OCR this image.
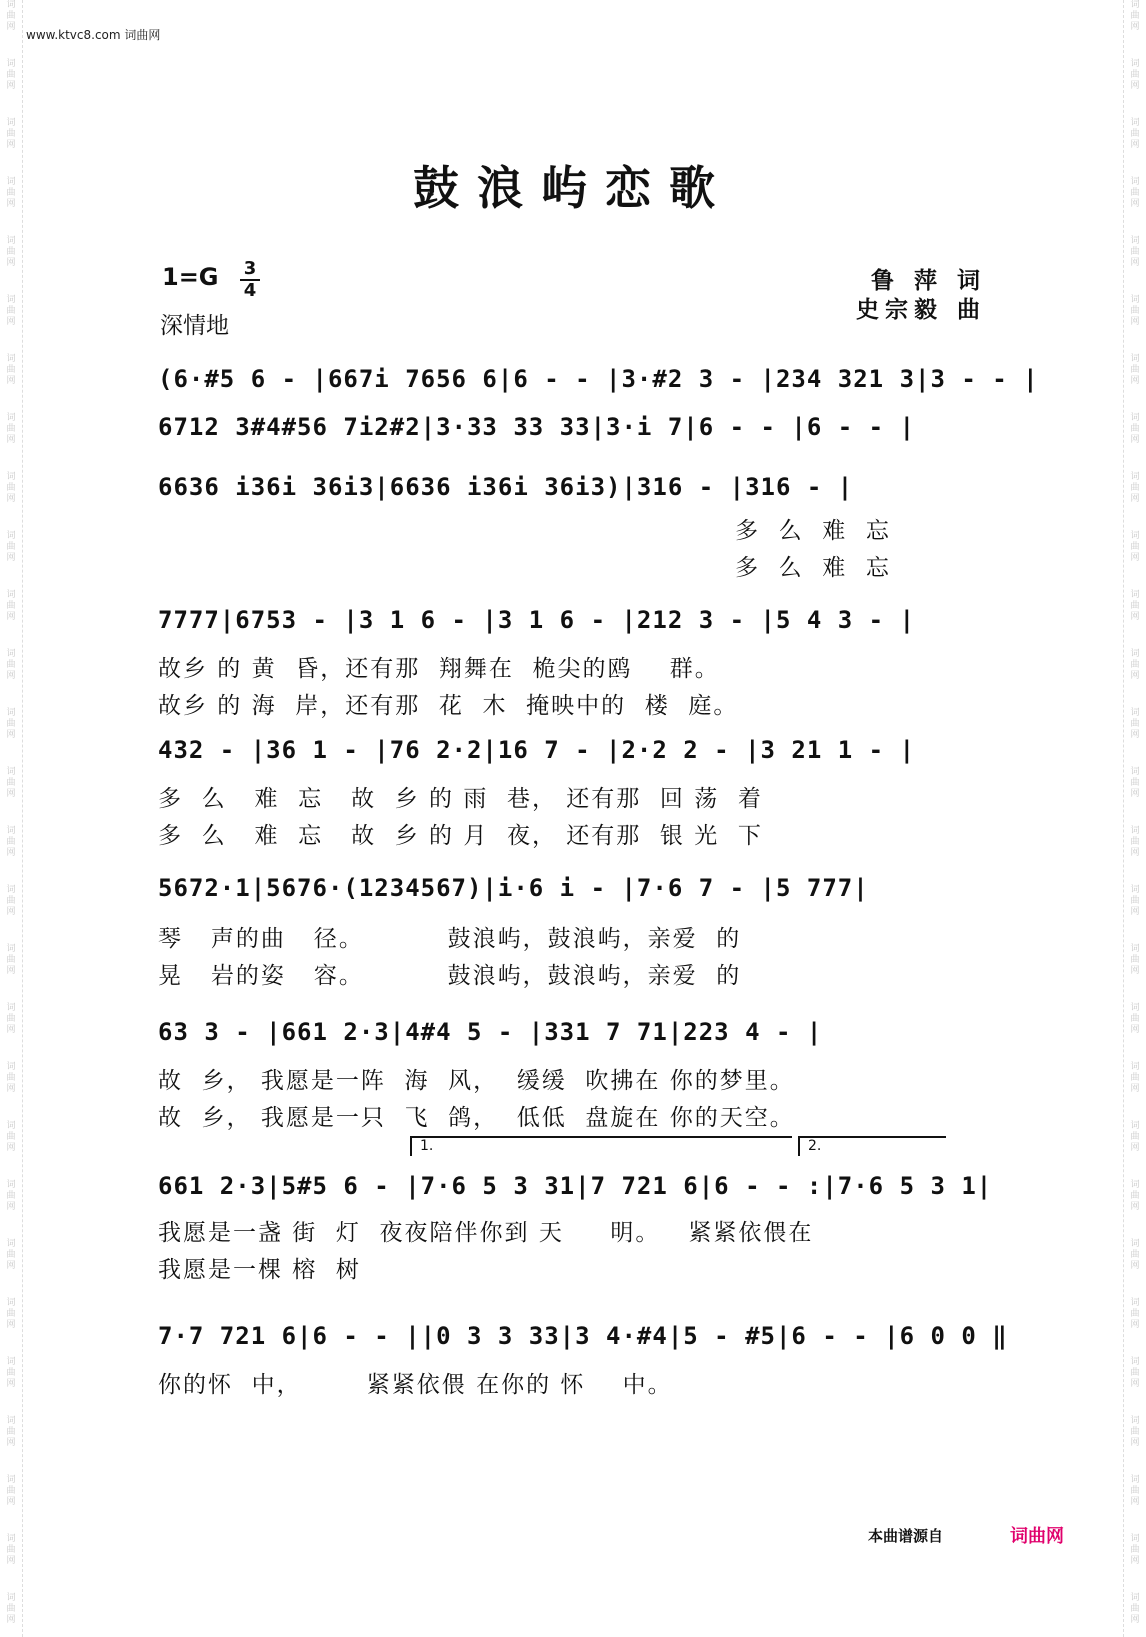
词
曲
网
词
曲
网
词
曲
网
词
曲
网
词
曲
网
词
曲
网
词
曲
网
词
曲
网
词
曲
网
词
曲
网
词
曲
网
词
曲
网
词
曲
网
词
曲
网
词
曲
网
词
曲
网
词
曲
网
词
曲
网
词
曲
网
词
曲
网
词
曲
网
词
曲
网
词
曲
网
词
曲
网
词
曲
网
词
曲
网
词
曲
网
词
曲
网
词
曲
网
词
曲
网
词
曲
网
词
曲
网
词
曲
网
词
曲
网
词
曲
网
词
曲
网
词
曲
网
词
曲
网
词
曲
网
词
曲
网
词
曲
网
词
曲
网
词
曲
网
词
曲
网
词
曲
网
词
曲
网
词
曲
网
词
曲
网
词
曲
网
词
曲
网
词
曲
网
词
曲
网
词
曲
网
词
曲
网
词
曲
网
词
曲
网
www.ktvc8.com 词曲网
鼓浪屿恋歌
1=G 3
4
深情地
鲁 萍 词
史宗毅 曲
(6·#5 6 - |667i 7656 6|6 - - |3·#2 3 - |234 321 3|3 - - |
6712 3#4#56 7i2#2|3·33 33 33|3·i 7|6 - - |6 - - |
6636 i36i 36i3|6636 i36i 36i3)|316 - |316 - |
多  么  难  忘
多  么  难  忘
7777|6753 - |3 1 6 - |3 1 6 - |212 3 - |5 4 3 - |
故乡 的 黄  昏，还有那  翔舞在  桅尖的鸥    群。
故乡 的 海  岸，还有那  花  木  掩映中的  楼  庭。
432 - |36 1 - |76 2·2|16 7 - |2·2 2 - |3 21 1 - |
多  么   难  忘   故  乡 的 雨  巷， 还有那  回 荡  着
多  么   难  忘   故  乡 的 月  夜， 还有那  银 光  下
5672·1|5676·(1234567)|i·6 i - |7·6 7 - |5 777|
琴   声的曲   径。         鼓浪屿，鼓浪屿，亲爱  的
晃   岩的姿   容。         鼓浪屿，鼓浪屿，亲爱  的
63 3 - |661 2·3|4#4 5 - |331 7 71|223 4 - |
故  乡， 我愿是一阵  海  风，  缓缓  吹拂在 你的梦里。
故  乡， 我愿是一只  飞  鸽，  低低  盘旋在 你的天空。
1.	2.
661 2·3|5#5 6 - |7·6 5 3 31|7 721 6|6 - - :|7·6 5 3 1|
我愿是一盏 街  灯  夜夜陪伴你到 天     明。   紧紧依偎在
我愿是一棵 榕  树
7·7 721 6|6 - - ||0 3 3 33|3 4·#4|5 - #5|6 - - |6 0 0 ‖
你的怀  中，       紧紧依偎 在你的 怀    中。
本曲谱源自	词曲网
